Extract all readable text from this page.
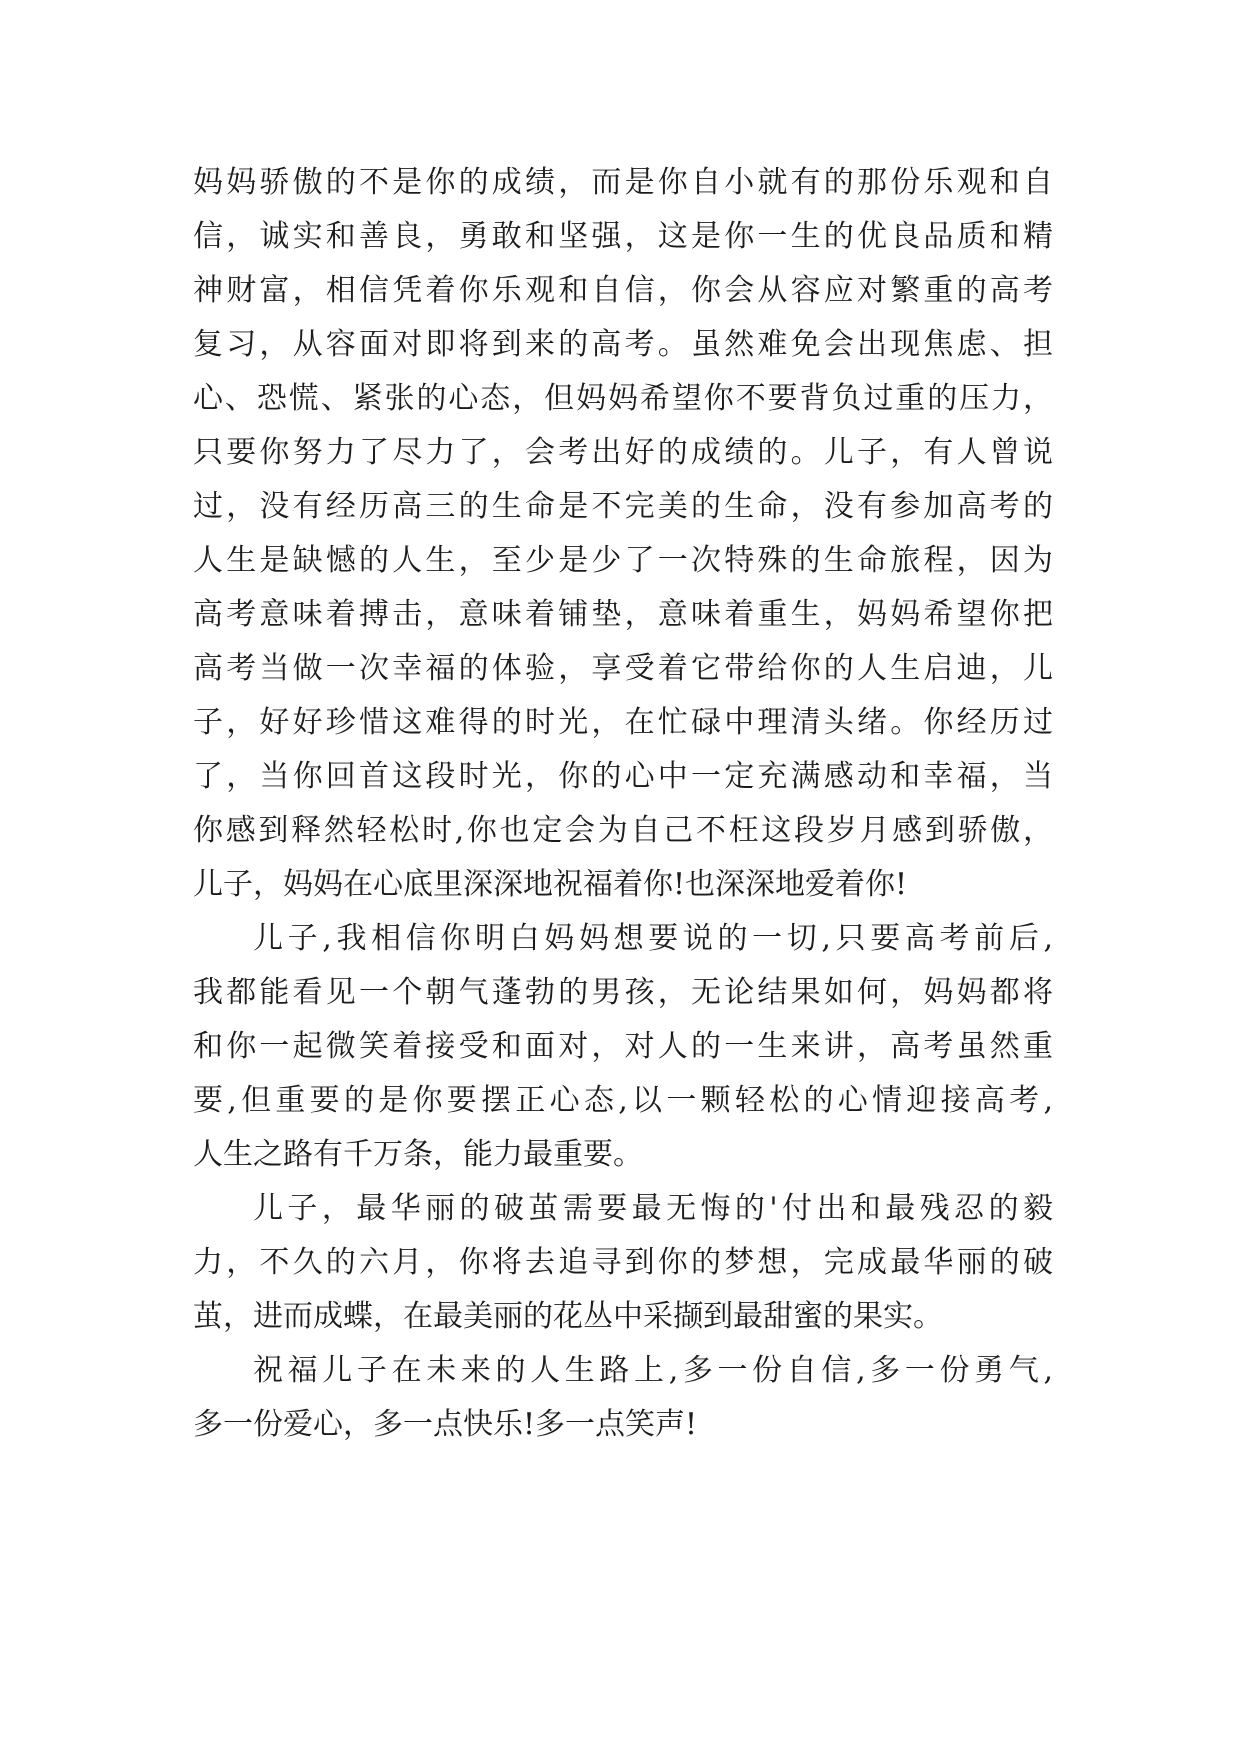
妈妈骄傲的不是你的成绩，而是你自小就有的那份乐观和自
信，诚实和善良，勇敢和坚强，这是你一生的优良品质和精
神财富，相信凭着你乐观和自信，你会从容应对繁重的高考
复习，从容面对即将到来的高考。虽然难免会出现焦虑、担
心、恐慌、紧张的心态，但妈妈希望你不要背负过重的压力，
只要你努力了尽力了，会考出好的成绩的。儿子，有人曾说
过，没有经历高三的生命是不完美的生命，没有参加高考的
人生是缺憾的人生，至少是少了一次特殊的生命旅程，因为
高考意味着搏击，意味着铺垫，意味着重生，妈妈希望你把
高考当做一次幸福的体验，享受着它带给你的人生启迪，儿
子，好好珍惜这难得的时光，在忙碌中理清头绪。你经历过
了，当你回首这段时光，你的心中一定充满感动和幸福，当
你感到释然轻松时,你也定会为自己不枉这段岁月感到骄傲，
儿子，妈妈在心底里深深地祝福着你!也深深地爱着你!
儿子,我相信你明白妈妈想要说的一切,只要高考前后,
我都能看见一个朝气蓬勃的男孩，无论结果如何，妈妈都将
和你一起微笑着接受和面对，对人的一生来讲，高考虽然重
要,但重要的是你要摆正心态,以一颗轻松的心情迎接高考,
人生之路有千万条，能力最重要。
儿子，最华丽的破茧需要最无悔的'付出和最残忍的毅
力，不久的六月，你将去追寻到你的梦想，完成最华丽的破
茧，进而成蝶，在最美丽的花丛中采撷到最甜蜜的果实。
祝福儿子在未来的人生路上,多一份自信,多一份勇气,
多一份爱心，多一点快乐!多一点笑声!
